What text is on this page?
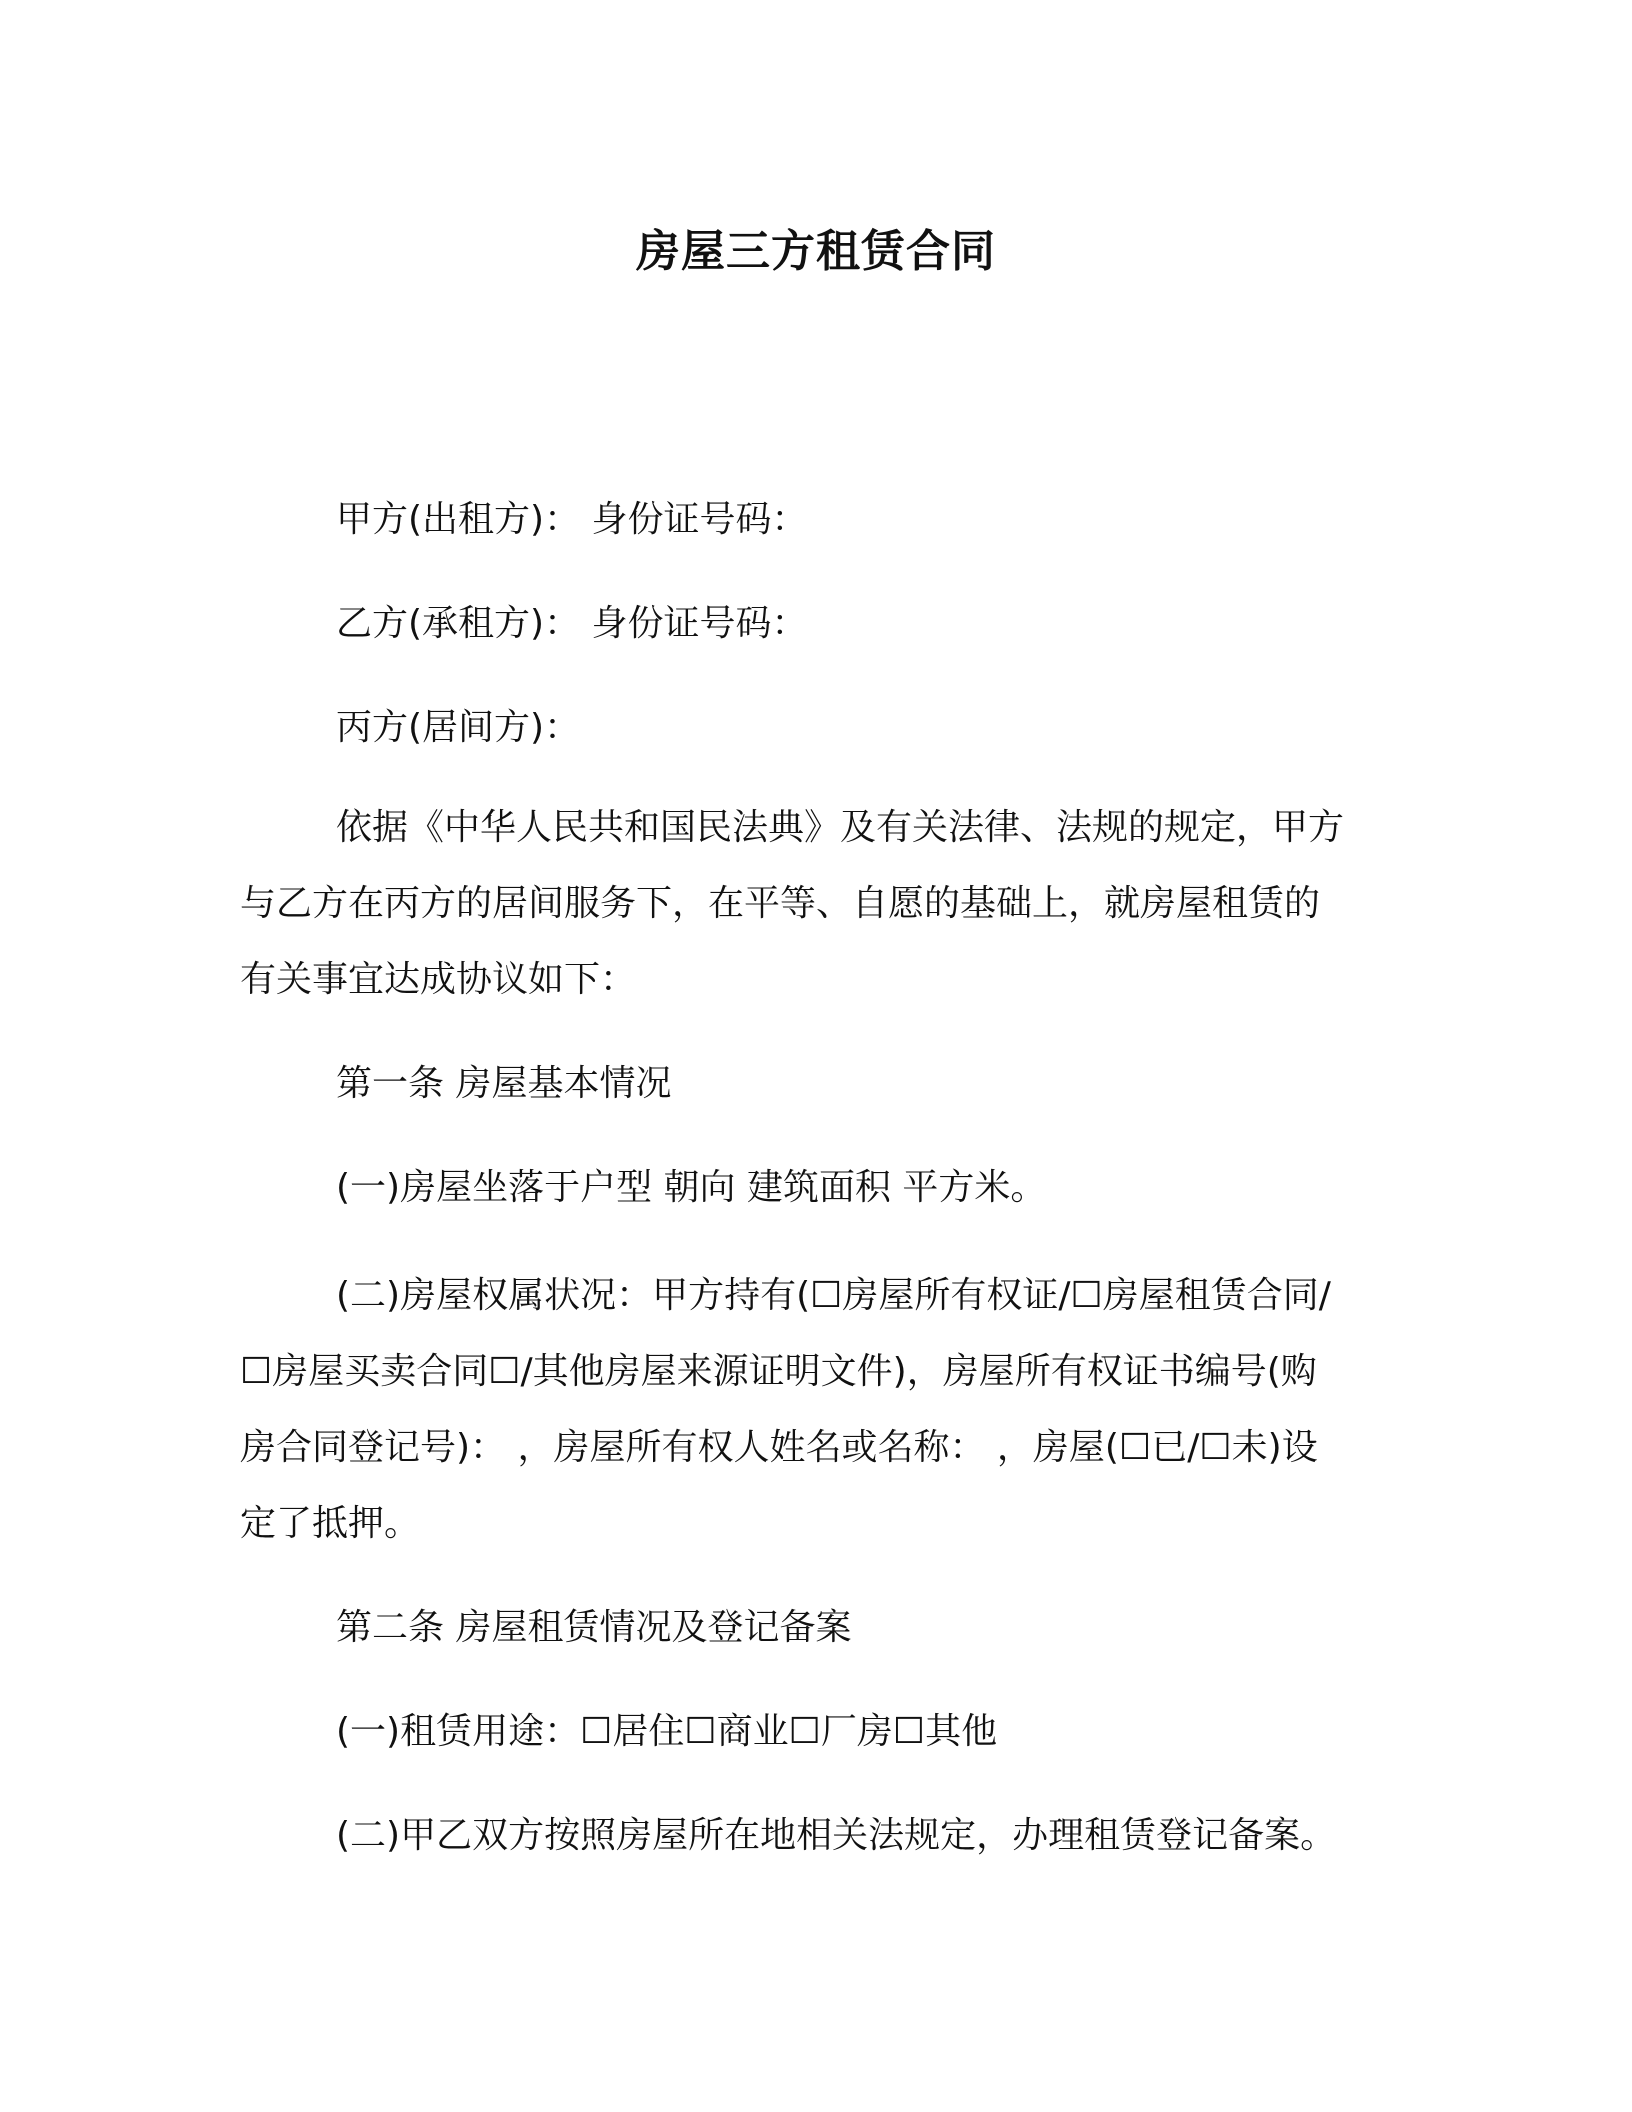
房屋三方租赁合同
甲方(出租方)： 身份证号码：
乙方(承租方)： 身份证号码：
丙方(居间方)：
依据《中华人民共和国民法典》及有关法律、法规的规定，甲方
与乙方在丙方的居间服务下，在平等、自愿的基础上，就房屋租赁的
有关事宜达成协议如下：
第一条 房屋基本情况
(一)房屋坐落于户型 朝向 建筑面积 平方米。
(二)房屋权属状况：甲方持有(☐房屋所有权证/☐房屋租赁合同/
☐房屋买卖合同☐/其他房屋来源证明文件)，房屋所有权证书编号(购
房合同登记号)： ，房屋所有权人姓名或名称： ，房屋(☐已/☐未)设
定了抵押。
第二条 房屋租赁情况及登记备案
(一)租赁用途：☐居住☐商业☐厂房☐其他
(二)甲乙双方按照房屋所在地相关法规定，办理租赁登记备案。
